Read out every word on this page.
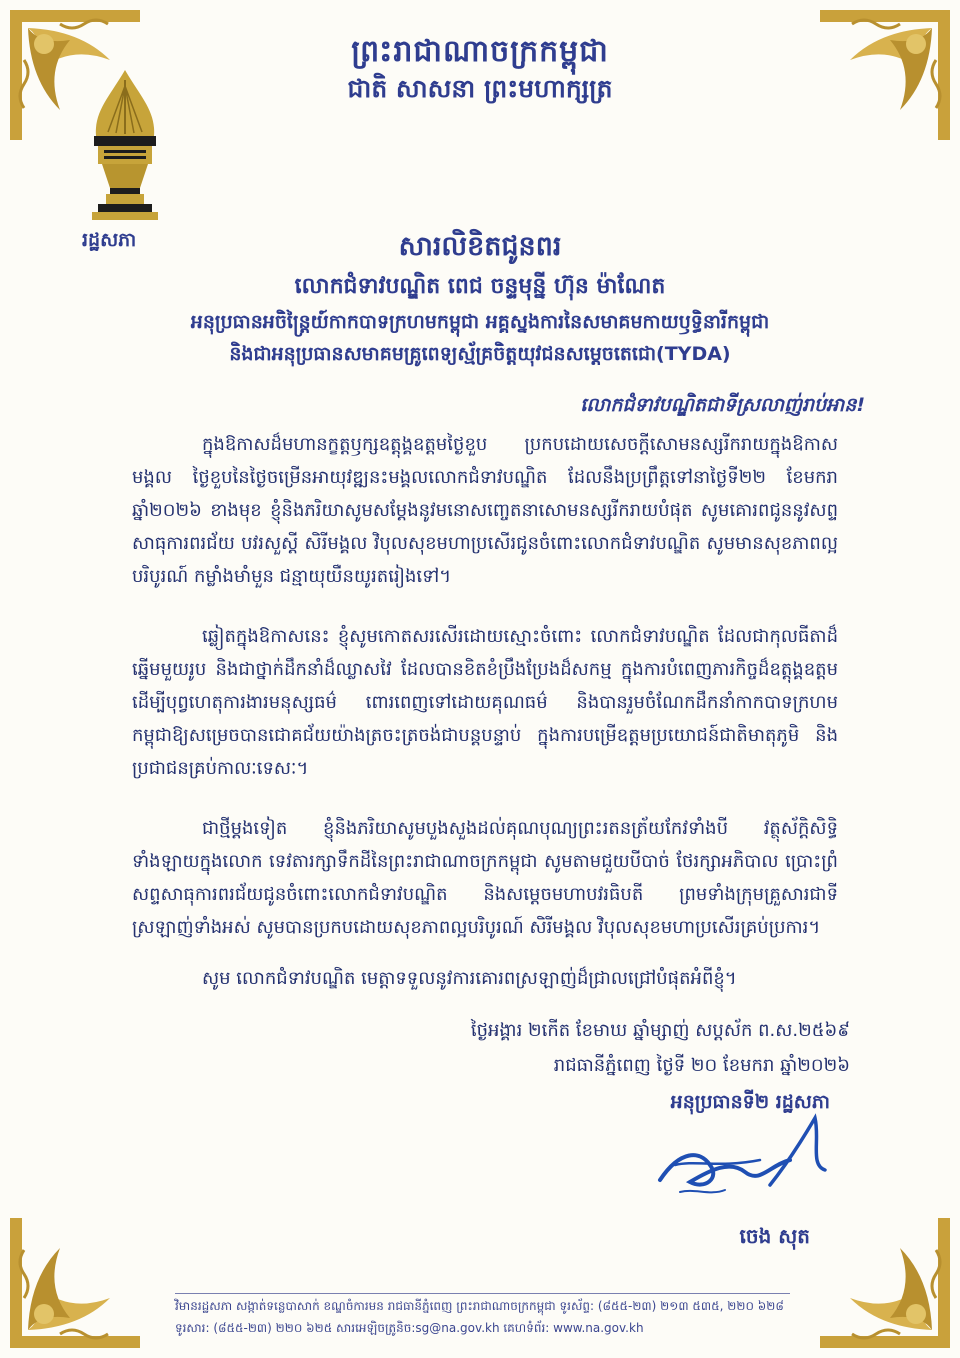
រដ្ឋសភា
ព្រះរាជាណាចក្រកម្ពុជា
ជាតិ សាសនា ព្រះមហាក្សត្រ
សារលិខិតជូនពរ
លោកជំទាវបណ្ឌិត ពេជ ចន្ទមុន្នី ហ៊ុន ម៉ាណែត
អនុប្រធានអចិន្ត្រៃយ៍កាកបាទក្រហមកម្ពុជា អគ្គស្នងការនៃសមាគមកាយឫទ្ធិនារីកម្ពុជា
និងជាអនុប្រធានសមាគមគ្រូពេទ្យស្ម័គ្រចិត្តយុវជនសម្តេចតេជោ(TYDA)
លោកជំទាវបណ្ឌិតជាទីស្រលាញ់រាប់អាន!
ក្នុងឱកាសដ៏មហានក្ខត្តឫក្សឧត្តុង្គឧត្តមថ្ងៃខួប ប្រកបដោយសេចក្តីសោមនស្សរីករាយក្នុងឱកាសមង្គល ថ្ងៃខួបនៃថ្ងៃចម្រើនអាយុវឌ្ឍនះមង្គលលោកជំទាវបណ្ឌិត ដែលនឹងប្រព្រឹត្តទៅនាថ្ងៃទី២២ ខែមករា ឆ្នាំ២០២៦ ខាងមុខ ខ្ញុំនិងភរិយាសូមសម្តែងនូវមនោសញ្ចេតនាសោមនស្សរីករាយបំផុត សូមគោរពជូននូវសព្ទសាធុការពរជ័យ បវរសួស្តី សិរីមង្គល វិបុលសុខមហាប្រសើរជូនចំពោះលោកជំទាវបណ្ឌិត សូមមានសុខភាពល្អ បរិបូរណ៍ កម្លាំងមាំមួន ជន្មាយុយឺនយូរតរៀងទៅ។
ឆ្លៀតក្នុងឱកាសនេះ ខ្ញុំសូមកោតសរសើរដោយស្មោះចំពោះ លោកជំទាវបណ្ឌិត ដែលជាកុលធីតាដ៏ឆ្នើមមួយរូប និងជាថ្នាក់ដឹកនាំដ៏ឈ្លាសវៃ ដែលបានខិតខំប្រឹងប្រែងដ៏សកម្ម ក្នុងការបំពេញភារកិច្ចដ៏ឧត្តុង្គឧត្តម ដើម្បីបុព្វហេតុការងារមនុស្សធម៌ ពោរពេញទៅដោយគុណធម៌ និងបានរួមចំណែកដឹកនាំកាកបាទក្រហមកម្ពុជាឱ្យសម្រេចបានជោគជ័យយ៉ាងត្រចះត្រចង់ជាបន្តបន្ទាប់ ក្នុងការបម្រើឧត្តមប្រយោជន៍ជាតិមាតុភូមិ និងប្រជាជនគ្រប់កាលៈទេសៈ។
ជាថ្មីម្តងទៀត ខ្ញុំនិងភរិយាសូមបួងសួងដល់គុណបុណ្យព្រះរតនត្រ័យកែវទាំងបី វត្ថុស័ក្តិសិទ្ធិទាំងឡាយក្នុងលោក ទេវតារក្សាទឹកដីនៃព្រះរាជាណាចក្រកម្ពុជា សូមតាមជួយបីបាច់ ថែរក្សាអភិបាល ប្រោះព្រំសព្ទសាធុការពរជ័យជូនចំពោះលោកជំទាវបណ្ឌិត និងសម្តេចមហាបវរធិបតី ព្រមទាំងក្រុមគ្រួសារជាទីស្រឡាញ់ទាំងអស់ សូមបានប្រកបដោយសុខភាពល្អបរិបូរណ៍ សិរីមង្គល វិបុលសុខមហាប្រសើរគ្រប់ប្រការ។
សូម លោកជំទាវបណ្ឌិត មេត្តាទទួលនូវការគោរពស្រឡាញ់ដ៏ជ្រាលជ្រៅបំផុតអំពីខ្ញុំ។
ថ្ងៃអង្គារ ២កើត ខែមាឃ ឆ្នាំម្សាញ់ សប្តស័ក ព.ស.២៥៦៩
រាជធានីភ្នំពេញ ថ្ងៃទី ២០ ខែមករា ឆ្នាំ២០២៦
អនុប្រធានទី២ រដ្ឋសភា
ចេង សុត
វិមានរដ្ឋសភា សង្កាត់ទន្លេបាសាក់ ខណ្ឌចំការមន រាជធានីភ្នំពេញ ព្រះរាជាណាចក្រកម្ពុជា ទូរស័ព្ទ: (៨៥៥-២៣) ២១៣ ៥៣៥, ២២០ ៦២៨
ទូរសារ: (៨៥៥-២៣) ២២០ ៦២៥ សារអេឡិចត្រូនិច:sg@na.gov.kh គេហទំព័រ: www.na.gov.kh
